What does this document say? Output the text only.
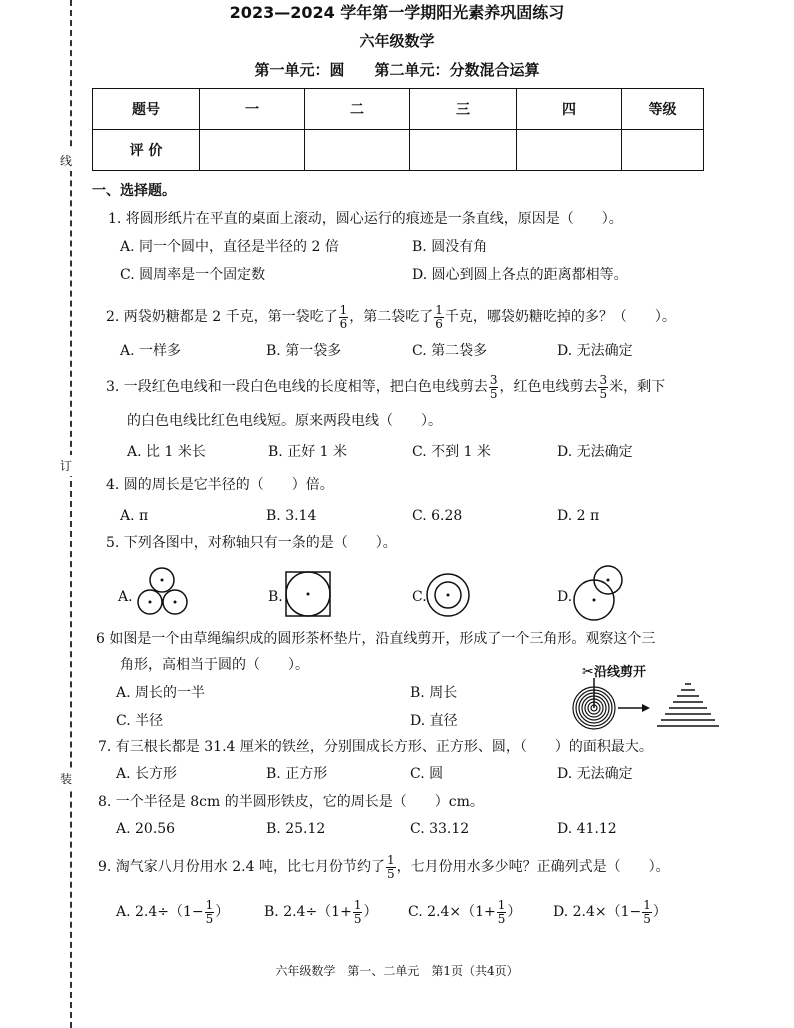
线
订
装
2023—2024 学年第一学期阳光素养巩固练习
六年级数学
第一单元：圆　　第二单元：分数混合运算
题号	一	二	三	四	等级
评 价					
一、选择题。
1. 将圆形纸片在平直的桌面上滚动，圆心运行的痕迹是一条直线，原因是（　　）。
A. 同一个圆中，直径是半径的 2 倍	B. 圆没有角
C. 圆周率是一个固定数	D. 圆心到圆上各点的距离都相等。
2. 两袋奶糖都是 2 千克，第一袋吃了 $\frac{1}{6}$ ，第二袋吃了 $\frac{1}{6}$ 千克，哪袋奶糖吃掉的多？（　　）。
A. 一样多	B. 第一袋多	C. 第二袋多	D. 无法确定
3. 一段红色电线和一段白色电线的长度相等，把白色电线剪去 $\frac{3}{5}$ ，红色电线剪去 $\frac{3}{5}$ 米，剩下
的白色电线比红色电线短。原来两段电线（　　）。
A. 比 1 米长	B. 正好 1 米	C. 不到 1 米	D. 无法确定
4. 圆的周长是它半径的（　　）倍。
A. π	B. 3.14	C. 6.28	D. 2 π
5. 下列各图中，对称轴只有一条的是（　　）。
A.	B.	C.	D.
6 如图是一个由草绳编织成的圆形茶杯垫片，沿直线剪开，形成了一个三角形。观察这个三
角形，高相当于圆的（　　）。
A. 周长的一半	B. 周长
C. 半径	D. 直径
沿线剪开
✂
7. 有三根长都是 31.4 厘米的铁丝，分别围成长方形、正方形、圆，（　　）的面积最大。
A. 长方形	B. 正方形	C. 圆	D. 无法确定
8. 一个半径是 8cm 的半圆形铁皮，它的周长是（　　）cm。
A. 20.56	B. 25.12	C. 33.12	D. 41.12
9. 淘气家八月份用水 2.4 吨，比七月份节约了 $\frac{1}{5}$ ，七月份用水多少吨？正确列式是（　　）。
A. $2.4\div(1- \frac{1}{5}$ ） B. $2.4\div(1+ \frac{1}{5}$ ） C. $2.4\times(1+ \frac{1}{5}$ ） D. $2.4\times(1- \frac{1}{5}$ ）
六年级数学　第一、二单元　第1页（共4页）
